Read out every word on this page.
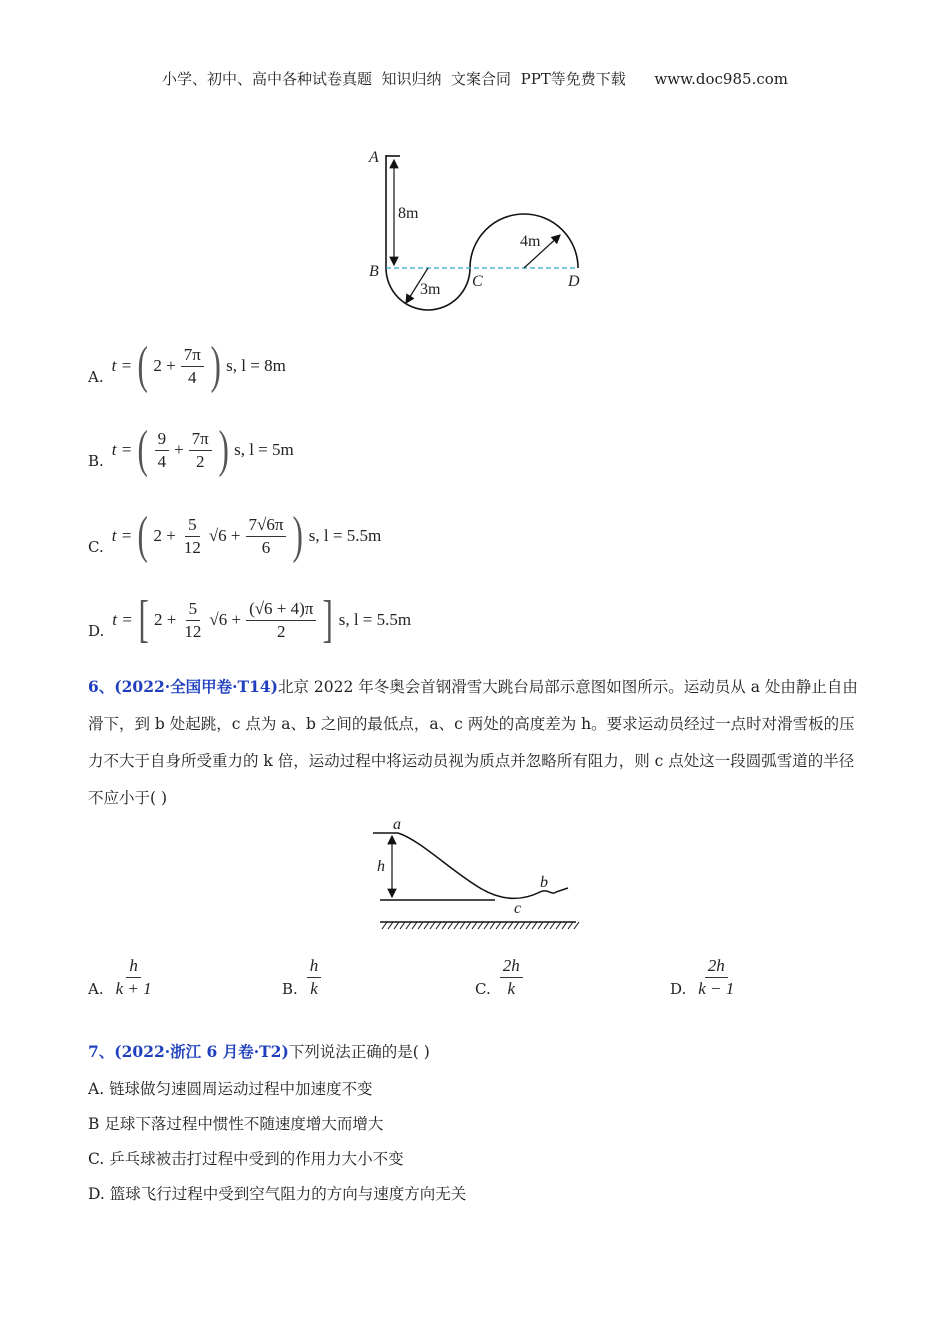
小学、初中、高中各种试卷真题  知识归纳  文案合同  PPT等免费下载      www.doc985.com
A
B
C	D
8m
3m
4m
A.
t = ( $2 + \frac{7\pi}{4}$ ) s, l = 8m
B.
t = ( $\frac{9}{4} + \frac{7\pi}{2}$ ) s, l = 5m
C.
t = ( $2 + \frac{5}{12} √6 + \frac{7√6\pi}{6}$ ) s, l = 5.5m
D.
t = [ $2 + \frac{5}{12} √6 + \frac{(√6 + 4)\pi}{2}$ ] s, l = 5.5m
6、(2022·全国甲卷·T14)北京 2022 年冬奥会首钢滑雪大跳台局部示意图如图所示。运动员从 a 处由静止自由滑下，到 b 处起跳，c 点为 a、b 之间的最低点，a、c 两处的高度差为 h。要求运动员经过一点时对滑雪板的压力不大于自身所受重力的 k 倍，运动过程中将运动员视为质点并忽略所有阻力，则 c 点处这一段圆弧雪道的半径不应小于( )
a
h
c
b
A. $\frac{h}{k + 1}$	B. $\frac{h}{k}$	C. $\frac{2h}{k}$	D. $\frac{2h}{k - 1}$
7、(2022·浙江 6 月卷·T2)下列说法正确的是( )
A. 链球做匀速圆周运动过程中加速度不变
B 足球下落过程中惯性不随速度增大而增大
C. 乒乓球被击打过程中受到的作用力大小不变
D. 篮球飞行过程中受到空气阻力的方向与速度方向无关
